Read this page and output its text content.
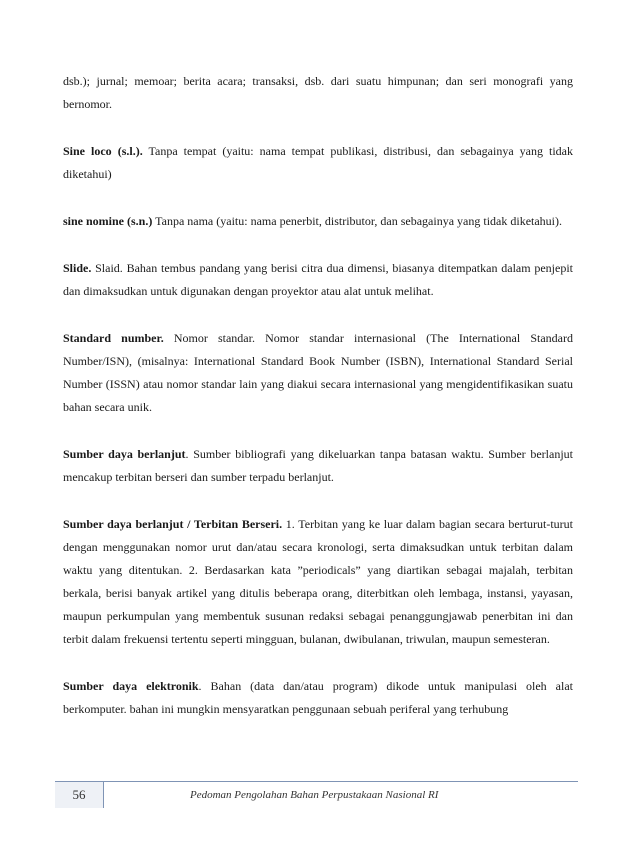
dsb.); jurnal; memoar; berita acara; transaksi, dsb. dari suatu himpunan; dan seri monografi yang bernomor.

Sine loco (s.l.). Tanpa tempat (yaitu: nama tempat publikasi, distribusi, dan sebagainya yang tidak diketahui)

sine nomine (s.n.) Tanpa nama (yaitu: nama penerbit, distributor, dan sebagainya yang tidak diketahui).

Slide. Slaid. Bahan tembus pandang yang berisi citra dua dimensi, biasanya ditempatkan dalam penjepit dan dimaksudkan untuk digunakan dengan proyektor atau alat untuk melihat.

Standard number. Nomor standar. Nomor standar internasional (The International Standard Number/ISN), (misalnya: International Standard Book Number (ISBN), International Standard Serial Number (ISSN) atau nomor standar lain yang diakui secara internasional yang mengidentifikasikan suatu bahan secara unik.

Sumber daya berlanjut. Sumber bibliografi yang dikeluarkan tanpa batasan waktu. Sumber berlanjut mencakup terbitan berseri dan sumber terpadu berlanjut.

Sumber daya berlanjut / Terbitan Berseri. 1. Terbitan yang ke luar dalam bagian secara berturut-turut dengan menggunakan nomor urut dan/atau secara kronologi, serta dimaksudkan untuk terbitan dalam waktu yang ditentukan. 2. Berdasarkan kata ”periodicals” yang diartikan sebagai majalah, terbitan berkala, berisi banyak artikel yang ditulis beberapa orang, diterbitkan oleh lembaga, instansi, yayasan, maupun perkumpulan yang membentuk susunan redaksi sebagai penanggungjawab penerbitan ini dan terbit dalam frekuensi tertentu seperti mingguan, bulanan, dwibulanan, triwulan, maupun semesteran.

Sumber daya elektronik. Bahan (data dan/atau program) dikode untuk manipulasi oleh alat berkomputer. bahan ini mungkin mensyaratkan penggunaan sebuah periferal yang terhubung

56	Pedoman Pengolahan Bahan Perpustakaan Nasional RI
